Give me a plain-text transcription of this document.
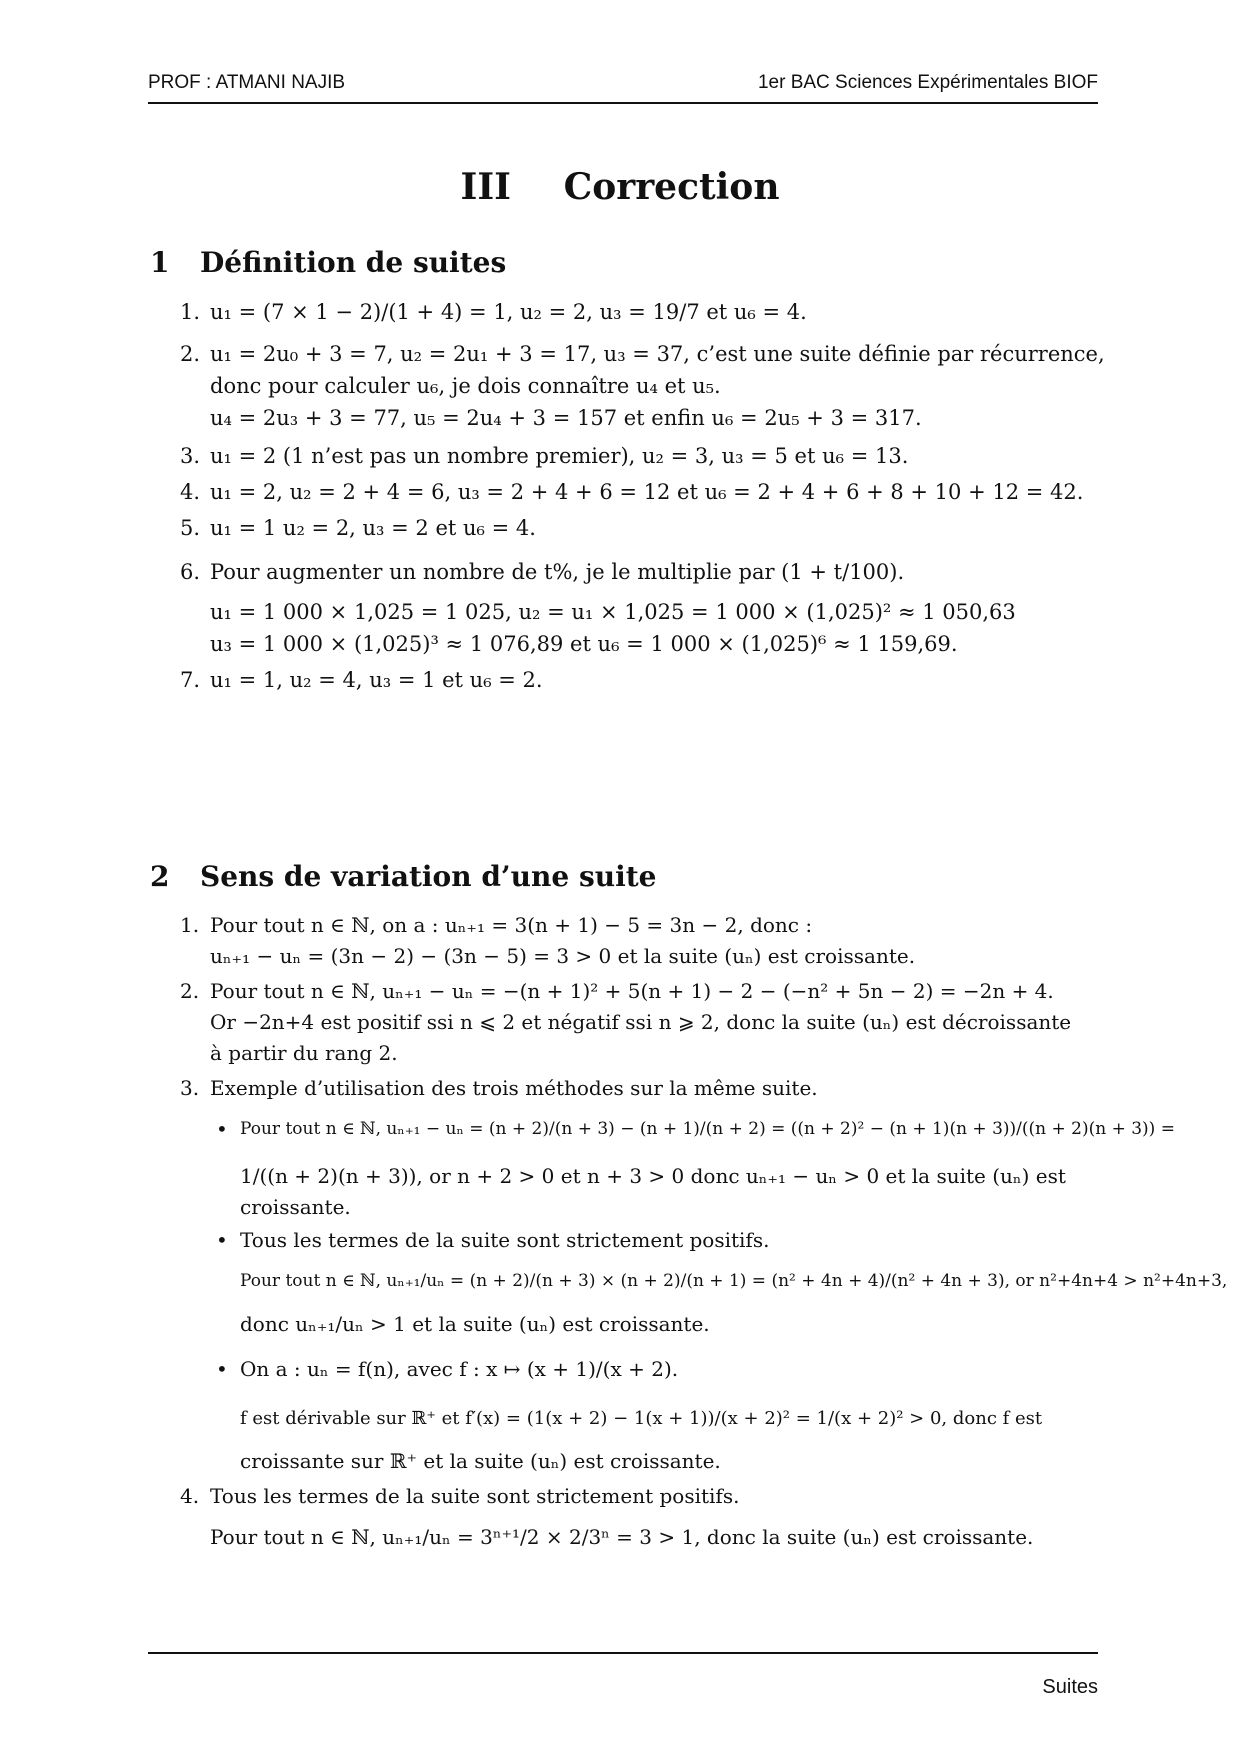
PROF : ATMANI NAJIB	1er BAC Sciences Expérimentales BIOF
III Correction
1 Définition de suites
1. u₁ = (7 × 1 − 2)/(1 + 4) = 1, u₂ = 2, u₃ = 19/7 et u₆ = 4.
2. u₁ = 2u₀ + 3 = 7, u₂ = 2u₁ + 3 = 17, u₃ = 37, c’est une suite définie par récurrence,
donc pour calculer u₆, je dois connaître u₄ et u₅.
u₄ = 2u₃ + 3 = 77, u₅ = 2u₄ + 3 = 157 et enfin u₆ = 2u₅ + 3 = 317.
3. u₁ = 2 (1 n’est pas un nombre premier), u₂ = 3, u₃ = 5 et u₆ = 13.
4. u₁ = 2, u₂ = 2 + 4 = 6, u₃ = 2 + 4 + 6 = 12 et u₆ = 2 + 4 + 6 + 8 + 10 + 12 = 42.
5. u₁ = 1 u₂ = 2, u₃ = 2 et u₆ = 4.
6. Pour augmenter un nombre de t%, je le multiplie par (1 + t/100).
u₁ = 1 000 × 1,025 = 1 025, u₂ = u₁ × 1,025 = 1 000 × (1,025)² ≈ 1 050,63
u₃ = 1 000 × (1,025)³ ≈ 1 076,89 et u₆ = 1 000 × (1,025)⁶ ≈ 1 159,69.
7. u₁ = 1, u₂ = 4, u₃ = 1 et u₆ = 2.
2 Sens de variation d’une suite
1. Pour tout n ∈ ℕ, on a : uₙ₊₁ = 3(n + 1) − 5 = 3n − 2, donc :
uₙ₊₁ − uₙ = (3n − 2) − (3n − 5) = 3 > 0 et la suite (uₙ) est croissante.
2. Pour tout n ∈ ℕ, uₙ₊₁ − uₙ = −(n + 1)² + 5(n + 1) − 2 − (−n² + 5n − 2) = −2n + 4.
Or −2n+4 est positif ssi n ⩽ 2 et négatif ssi n ⩾ 2, donc la suite (uₙ) est décroissante
à partir du rang 2.
3. Exemple d’utilisation des trois méthodes sur la même suite.
• Pour tout n ∈ ℕ, uₙ₊₁ − uₙ = (n + 2)/(n + 3) − (n + 1)/(n + 2) = ((n + 2)² − (n + 1)(n + 3))/((n + 2)(n + 3)) =
1/((n + 2)(n + 3)), or n + 2 > 0 et n + 3 > 0 donc uₙ₊₁ − uₙ > 0 et la suite (uₙ) est
croissante.
• Tous les termes de la suite sont strictement positifs.
Pour tout n ∈ ℕ, uₙ₊₁/uₙ = (n + 2)/(n + 3) × (n + 2)/(n + 1) = (n² + 4n + 4)/(n² + 4n + 3), or n²+4n+4 > n²+4n+3,
donc uₙ₊₁/uₙ > 1 et la suite (uₙ) est croissante.
• On a : uₙ = f(n), avec f : x ↦ (x + 1)/(x + 2).
f est dérivable sur ℝ⁺ et f′(x) = (1(x + 2) − 1(x + 1))/(x + 2)² = 1/(x + 2)² > 0, donc f est
croissante sur ℝ⁺ et la suite (uₙ) est croissante.
4. Tous les termes de la suite sont strictement positifs.
Pour tout n ∈ ℕ, uₙ₊₁/uₙ = 3ⁿ⁺¹/2 × 2/3ⁿ = 3 > 1, donc la suite (uₙ) est croissante.
Suites
